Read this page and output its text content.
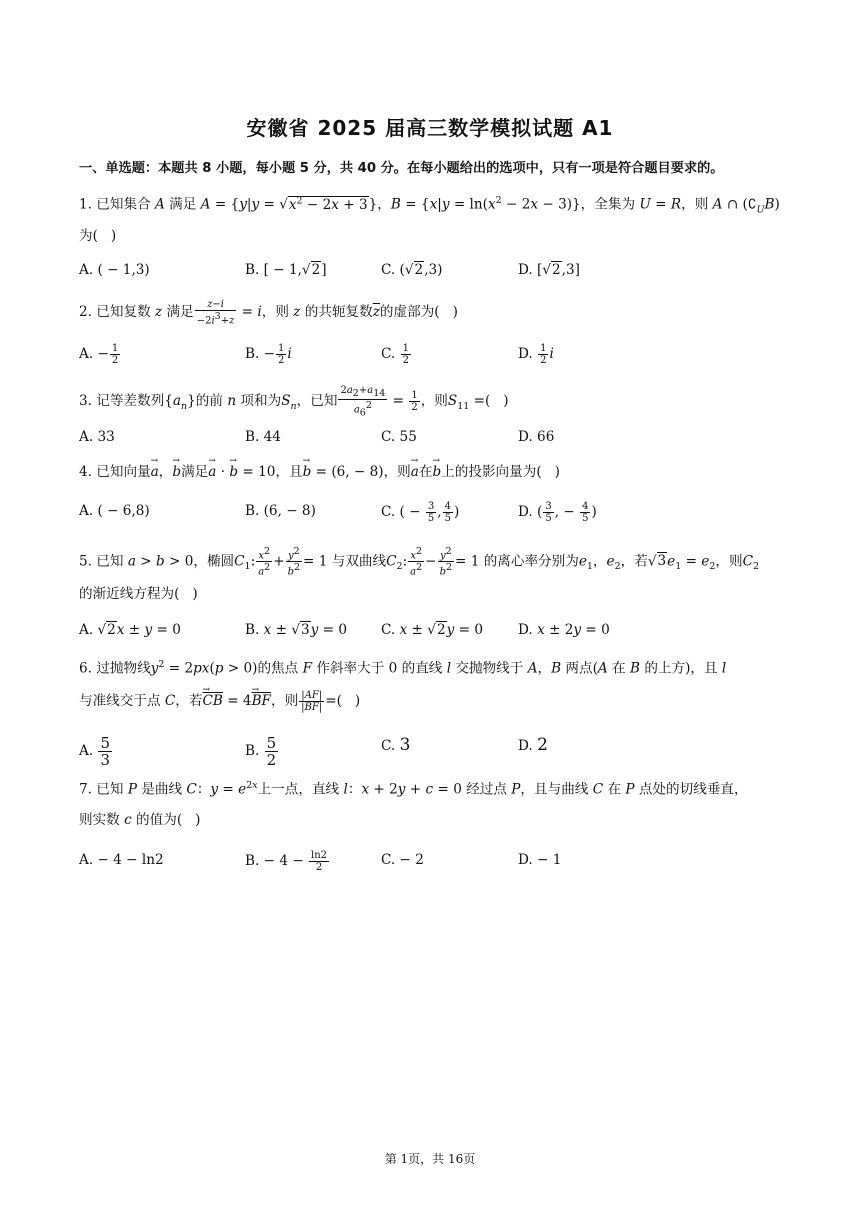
安徽省 2025 届高三数学模拟试题 A1
一、单选题：本题共 8 小题，每小题 5 分，共 40 分。在每小题给出的选项中，只有一项是符合题目要求的。
1. 已知集合 A 满足 $A = \{y|y = √x^2 - 2x + 3\}$，$B = \{x|y = \ln(x^2 - 2x - 3)\}$，全集为 U = R，则 A ∩ $(∁_UB)$
为(   )
A. ( − 1,3)	B. [ − 1,√2]	C. (√2,3)	D. [√2,3]
2. 已知复数 z 满足 $\frac{z-i}{-2i^3+z} = i$，则 z 的共轭复数$\overline{z}$的虚部为(   )
A. − $\frac{1}{2}$	B. − $\frac{1}{2}$ i	C. $\frac{1}{2}$	D. $\frac{1}{2}$ i
3. 记等差数列$\{a_n\}$的前 n 项和为$S_n$，已知 $\frac{2a_2+a_{14}}{a_6^2} = \frac{1}{2}$ ，则$S_{11}$ =(   )
A. 33	B. 44	C. 55	D. 66
4. 已知向量→ a，→ b满足→ a · → b = 10，且→ b = (6, − 8)，则→ a在→ b上的投影向量为(   )
A. ( − 6,8)	B. (6, − 8)	C. ( − $\frac{3}{5}$ , $\frac{4}{5}$ )	D. ( $\frac{3}{5}$ , − $\frac{4}{5}$ )
5. 已知 a > b > 0，椭圆$C_1$: $\frac{x^2}{a^2} + \frac{y^2}{b^2} = 1$ 与双曲线$C_2$: $\frac{x^2}{a^2} - \frac{y^2}{b^2} = 1$ 的离心率分别为$e_1$，$e_2$，若$√3e_1 = e_2$，则$C_2$
的渐近线方程为(   )
A. √2x ± y = 0	B. x ± √3y = 0 C. x ± √2y = 0	D. x ± 2y = 0
6. 过抛物线$y^2 = 2px(p > 0)$的焦点 F 作斜率大于 0 的直线 l 交抛物线于 A，B 两点(A 在 B 的上方)，且 l
与准线交于点 C，若→ $\overline{CB} = 4\to \overline{BF}$，则 $\frac{|AF|}{|BF|}$ =(   )
A. $\frac{5}{3}$	B. $\frac{5}{2}$	C. 3	D. 2
7. 已知 P 是曲线 C：$y = e^{2x}$上一点，直线 l：x + 2y + c = 0 经过点 P，且与曲线 C 在 P 点处的切线垂直，
则实数 c 的值为(   )
A. − 4 − ln2	B. − $4 - \frac{\ln 2}{2}$	C. − 2	D. − 1
第 1页，共 16页
